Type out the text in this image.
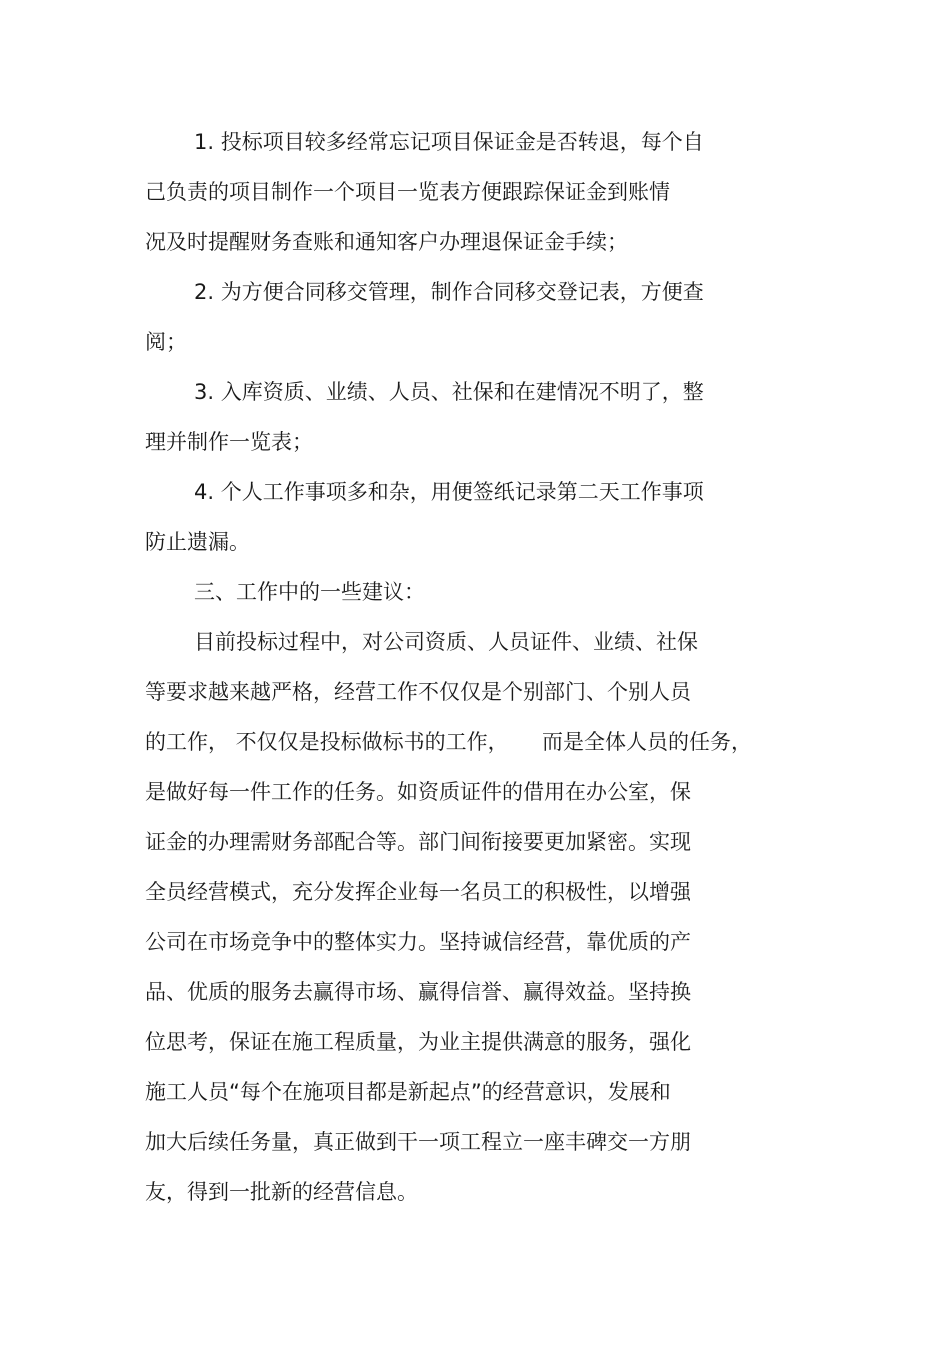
1. 投标项目较多经常忘记项目保证金是否转退，每个自
己负责的项目制作一个项目一览表方便跟踪保证金到账情
况及时提醒财务查账和通知客户办理退保证金手续；
2. 为方便合同移交管理，制作合同移交登记表，方便查
阅；
3. 入库资质、业绩、人员、社保和在建情况不明了，整
理并制作一览表；
4. 个人工作事项多和杂，用便签纸记录第二天工作事项
防止遗漏。
三、工作中的一些建议：
目前投标过程中，对公司资质、人员证件、业绩、社保
等要求越来越严格，经营工作不仅仅是个别部门、个别人员
的工作， 不仅仅是投标做标书的工作，     而是全体人员的任务，
是做好每一件工作的任务。如资质证件的借用在办公室，保
证金的办理需财务部配合等。部门间衔接要更加紧密。实现
全员经营模式，充分发挥企业每一名员工的积极性，以增强
公司在市场竞争中的整体实力。坚持诚信经营，靠优质的产
品、优质的服务去赢得市场、赢得信誉、赢得效益。坚持换
位思考，保证在施工程质量，为业主提供满意的服务，强化
施工人员“每个在施项目都是新起点”的经营意识，发展和
加大后续任务量，真正做到干一项工程立一座丰碑交一方朋
友，得到一批新的经营信息。
